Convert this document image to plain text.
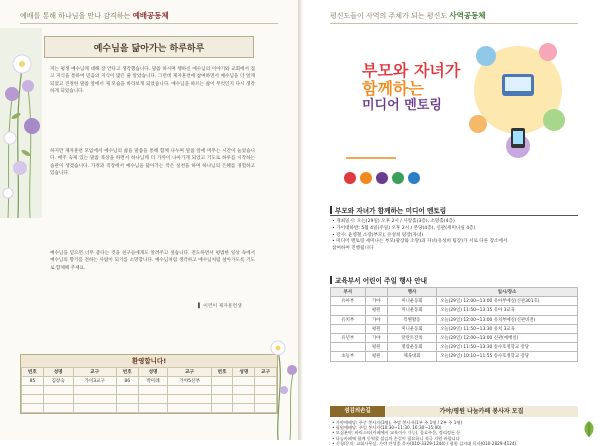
예배를 통해 하나님을 만나 감격하는 예배공동체
예수님을 닮아가는 하루하루

저는 평생 예수님께 대해 잘 안다고 생각했습니다. 말씀 하시며 행하신 예수님의 이야기와 교회에서 접고 지식을 통하여 믿음의 지식이 많은 줄 알았습니다. 그런데 제자훈련에 참여하면서 예수님을 더 알게 되었고 진정한 말씀 앞에서 제 모습을 바라보게 되었습니다. 예수님을 따르는 삶이 무엇인지 다시 생각하게 되었습니다.

하지만 제자훈련 모임에서 예수님의 삶을 말씀을 통해 함께 나누며 말씀 앞에 머무는 시간이 늘었습니다. 매주 숙제 있는 말씀 묵상을 하면서 하나님께 더 가까이 나아가게 되었고 기도로 하루를 시작하는 습관이 생겼습니다. 가정과 직장에서 예수님을 닮아가는 작은 실천을 하며 하나님의 은혜를 경험하고 있습니다.

예수님을 믿으면 너무 좋다는 것을 친구들에게도 알려주고 싶습니다. 전도하면서 평범한 일상 속에서 예수님의 향기를 전하는 사람이 되기를 소망합니다. 예수님처럼 생각하고 예수님처럼 살아가도록 기도로 함께해 주세요.

▌ 이런이 제자훈련생
환영합니다!
번호	성명	교구	번호	성명	교구	번호	성명	교구
85	김창숙	가이3교구	86	박미례	가야5선부			

평신도들이 사역의 주체가 되는 평신도 사역공동체
부모와 자녀가
함께하는
미디어 멘토링
부모와 자녀가 함께하는 미디어 멘토링
• 개최일시: 오는(29일) 오후 2시 / 사랑홀(3층), 소망홀(4층)
• 가이대하반: 5월 4일(주일) 오후 2시 / 본당(4층), 신관(세미나실 4층)
• 강사: 윤영철 소장(부모), 유성희 팀장(자녀)
• 미디어 멘토링 세미나는 부모(광장와 소망)과 자녀(유성희 팀장)가 서로 다른 장소에서
참여하여 진행됩니다
교육부서 어린이 주일 행사 안내
부서		행사	일시/장소
유아부	가야	미니운동회	오늘(29일) 12:00~13:00 유아부예실(신관301호)
	평원	미니운동회	오늘(29일) 11:50~13:15 유아 3교육
유치부	가야	특별활동	오늘(29일) 12:00~13:00 유치부예실(신관비전)
	평원	미니운동회	오늘(29일) 11:50~13:30 유치 3교육
유년부	가야	달란트잔치	오늘(29일) 12:00~13:00 신관(예배실)
	평원	명랑운동회	오늘(29일) 11:50~13:30 송수호정학교 강당
초등부	평원	체육대회	오늘(29일) 10:10~11:55 송수호정학교 강당
섬김의손길	가야/평원 나눔카페 봉사자 모집
• 가야예배당: 주중 봉사자(3명), 주말 봉사자(1부 주 1명 / 2부 주 1명)
• 평원예배당: 주일 봉사자(10:30~11:30, 16:30~15:00)
• 모집분야: 바리스타(카페에서 교육이수 가능), 음료주문, 정리정돈 등
• 나눔카페에 함께 동역할 섬김의 손길이 필요하니 적극 지원 바랍니다
• 신청/문의: 교회사무실, 가야 안성종 목사(010-3329-1244) / 평원 김지태 목사(010-2829-4124)
